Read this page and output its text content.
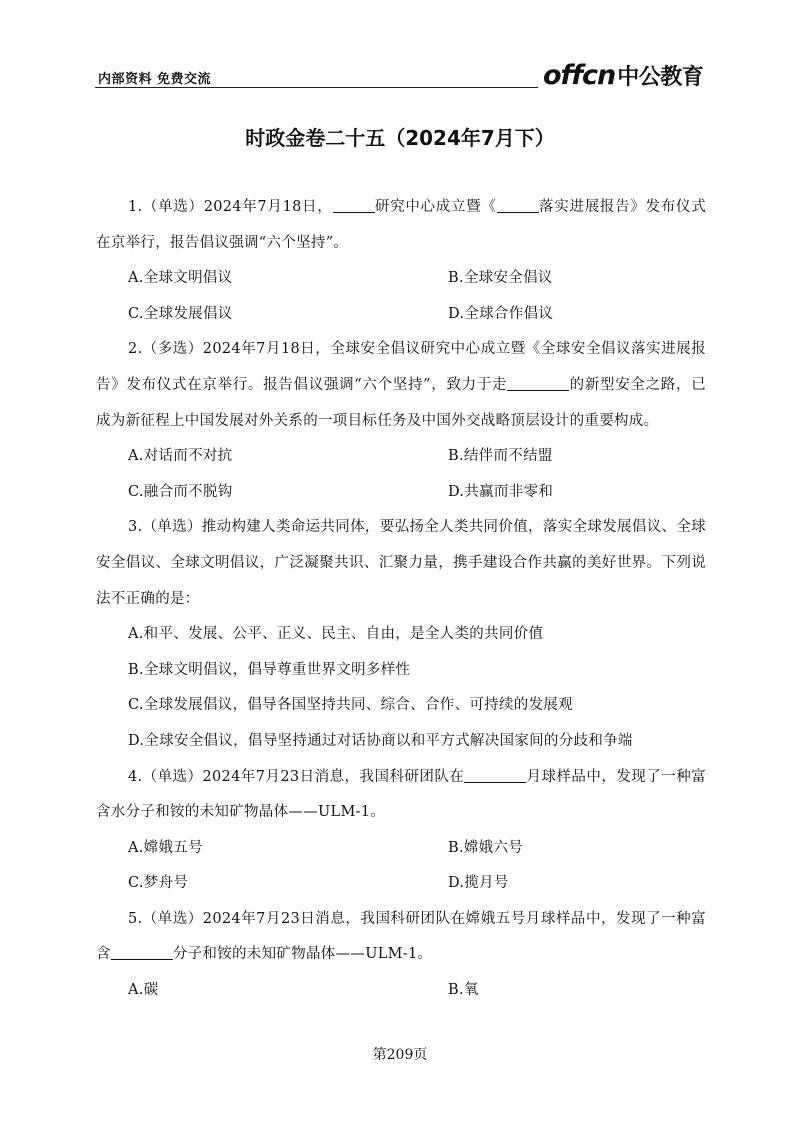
内部资料 免费交流	offcn中公教育
时政金卷二十五（2024年7月下）

1.（单选）2024年7月18日，	研究中心成立暨《	落实进展报告》发布仪式在京举行，报告倡议强调“六个坚持”。

A.全球文明倡议	B.全球安全倡议
C.全球发展倡议	D.全球合作倡议

2.（多选）2024年7月18日，全球安全倡议研究中心成立暨《全球安全倡议落实进展报告》发布仪式在京举行。报告倡议强调“六个坚持”，致力于走	的新型安全之路，已成为新征程上中国发展对外关系的一项目标任务及中国外交战略顶层设计的重要构成。

A.对话而不对抗	B.结伴而不结盟
C.融合而不脱钩	D.共赢而非零和

3.（单选）推动构建人类命运共同体，要弘扬全人类共同价值，落实全球发展倡议、全球安全倡议、全球文明倡议，广泛凝聚共识、汇聚力量，携手建设合作共赢的美好世界。下列说法不正确的是：

A.和平、发展、公平、正义、民主、自由，是全人类的共同价值
B.全球文明倡议，倡导尊重世界文明多样性
C.全球发展倡议，倡导各国坚持共同、综合、合作、可持续的发展观
D.全球安全倡议，倡导坚持通过对话协商以和平方式解决国家间的分歧和争端

4.（单选）2024年7月23日消息，我国科研团队在	月球样品中，发现了一种富含水分子和铵的未知矿物晶体——ULM-1。

A.嫦娥五号	B.嫦娥六号
C.梦舟号	D.揽月号

5.（单选）2024年7月23日消息，我国科研团队在嫦娥五号月球样品中，发现了一种富含	分子和铵的未知矿物晶体——ULM-1。

A.碳	B.氧
第209页
